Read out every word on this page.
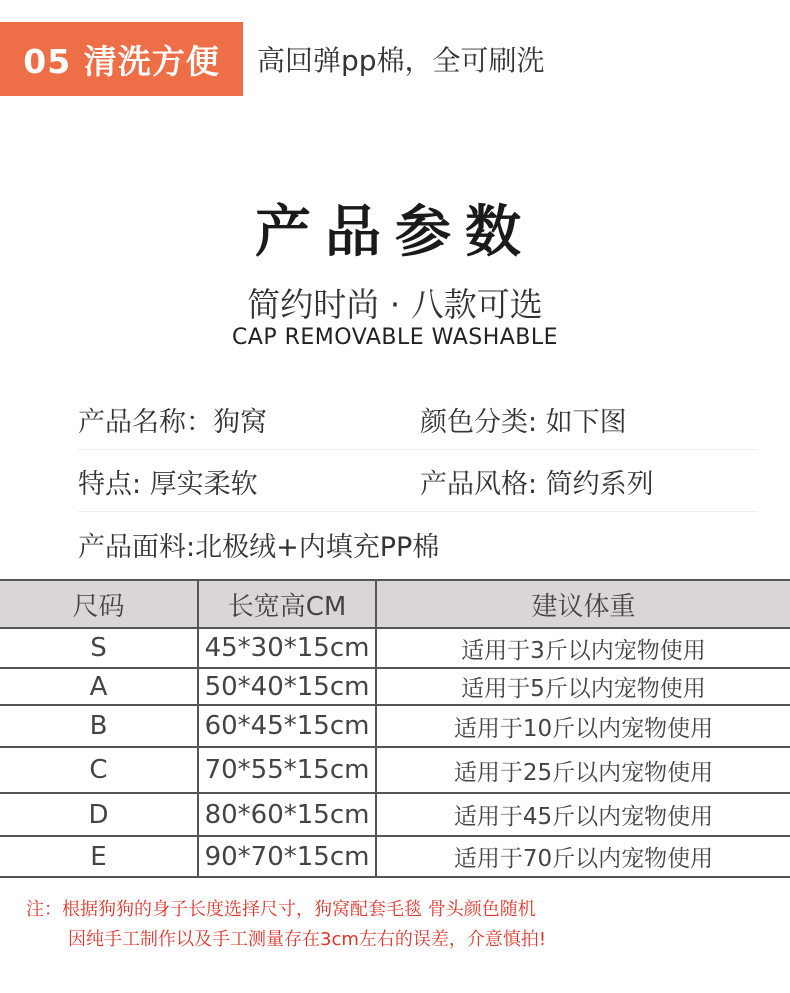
05 清洗方便	高回弹pp棉，全可刷洗
产品参数
简约时尚 · 八款可选
CAP REMOVABLE WASHABLE
产品名称：狗窝	颜色分类: 如下图
特点: 厚实柔软	产品风格: 简约系列
产品面料:北极绒+内填充PP棉
尺码	长宽高CM	建议体重
S	45*30*15cm	适用于3斤以内宠物使用
A	50*40*15cm	适用于5斤以内宠物使用
B	60*45*15cm	适用于10斤以内宠物使用
C	70*55*15cm	适用于25斤以内宠物使用
D	80*60*15cm	适用于45斤以内宠物使用
E	90*70*15cm	适用于70斤以内宠物使用
注：根据狗狗的身子长度选择尺寸，狗窝配套毛毯 骨头颜色随机
因纯手工制作以及手工测量存在3cm左右的误差，介意慎拍!
